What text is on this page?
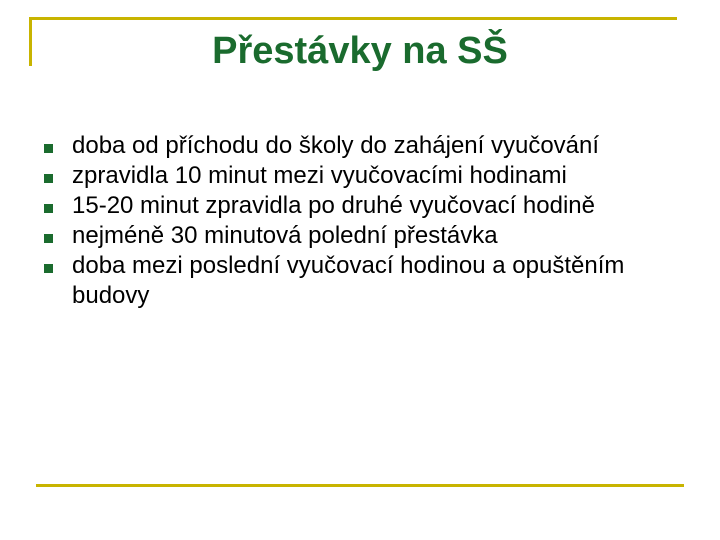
Přestávky na SŠ
doba od příchodu do školy do zahájení vyučování
zpravidla 10 minut mezi vyučovacími hodinami
15-20 minut zpravidla po druhé vyučovací hodině
nejméně 30 minutová polední přestávka
doba mezi poslední vyučovací hodinou a opuštěním budovy
